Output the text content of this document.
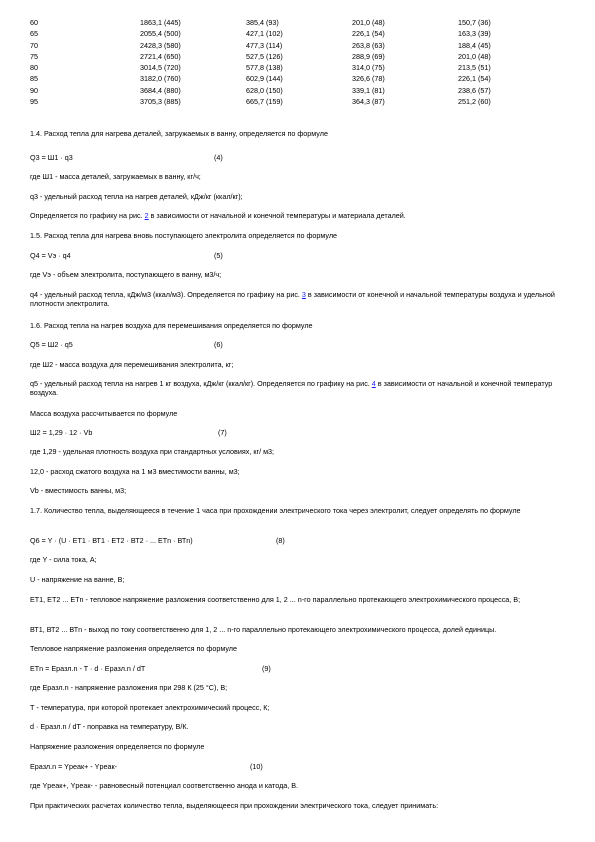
60	1863,1 (445)	385,4 (93)	201,0 (48)	150,7 (36)
65	2055,4 (500)	427,1 (102)	226,1 (54)	163,3 (39)
70	2428,3 (580)	477,3 (114)	263,8 (63)	188,4 (45)
75	2721,4 (650)	527,5 (126)	288,9 (69)	201,0 (48)
80	3014,5 (720)	577,8 (138)	314,0 (75)	213,5 (51)
85	3182,0 (760)	602,9 (144)	326,6 (78)	226,1 (54)
90	3684,4 (880)	628,0 (150)	339,1 (81)	238,6 (57)
95	3705,3 (885)	665,7 (159)	364,3 (87)	251,2 (60)
1.4. Расход тепла для нагрева деталей, загружаемых в ванну, определяется по формуле
Q3 = Ш1 · q3	(4)
где Ш1 - масса деталей, загружаемых в ванну, кг/ч;
q3 - удельный расход тепла на нагрев деталей, кДж/кг (ккал/кг);
Определяется по графику на рис. 2 в зависимости от начальной и конечной температуры и материала деталей.
1.5. Расход тепла для нагрева вновь поступающего электролита определяется по формуле
Q4 = Vэ · q4	(5)
где Vэ - объем электролита, поступающего в ванну, м3/ч;
q4 - удельный расход тепла, кДж/м3 (ккал/м3). Определяется по графику на рис. 3 в зависимости от конечной и начальной температуры воздуха и удельной плотности электролита.
1.6. Расход тепла на нагрев воздуха для перемешивания определяется по формуле
Q5 = Ш2 · q5	(6)
где Ш2 - масса воздуха для перемешивания электролита, кг;
q5 - удельный расход тепла на нагрев 1 кг воздуха, кДж/кг (ккал/кг). Определяется по графику на рис. 4 в зависимости от начальной и конечной температур воздуха.
Масса воздуха рассчитывается по формуле
Ш2 = 1,29 · 12 · Vb	(7)
где 1,29 - удельная плотность воздуха при стандартных условиях, кг/ м3;
12,0 - расход сжатого воздуха на 1 м3 вместимости ванны, м3;
Vb - вместимость ванны, м3;
1.7. Количество тепла, выделяющееся в течение 1 часа при прохождении электрического тока через электролит, следует определять по формуле
Q6 = Y · (U · ЕТ1 · ВТ1 · ЕТ2 · ВТ2 · ... ЕТn · ВТn)	(8)
где Y - сила тока, А;
U - напряжение на ванне, В;
ЕТ1, ЕТ2 ... ЕТn - тепловое напряжение разложения соответственно для 1, 2 ... n-го параллельно протекающего электрохимического процесса, В;
ВТ1, ВТ2 ... ВТn - выход по току соответственно для 1, 2 ... n-го параллельно протекающего электрохимического процесса, долей единицы.
Тепловое напряжение разложения определяется по формуле
ЕТn = Eразл.n - T · d · Eразл.n / dT	(9)
где Eразл.n - напряжение разложения при 298 К (25 °С), В;
Т - температура, при которой протекает электрохимический процесс, К;
d · Eразл.n / dT - поправка на температуру, В/К.
Напряжение разложения определяется по формуле
Eразл.n = Yреак+ - Yреак-	(10)
где Yреак+, Yреак- - равновесный потенциал соответственно анода и катода, В.
При практических расчетах количество тепла, выделяющееся при прохождении электрического тока, следует принимать:
